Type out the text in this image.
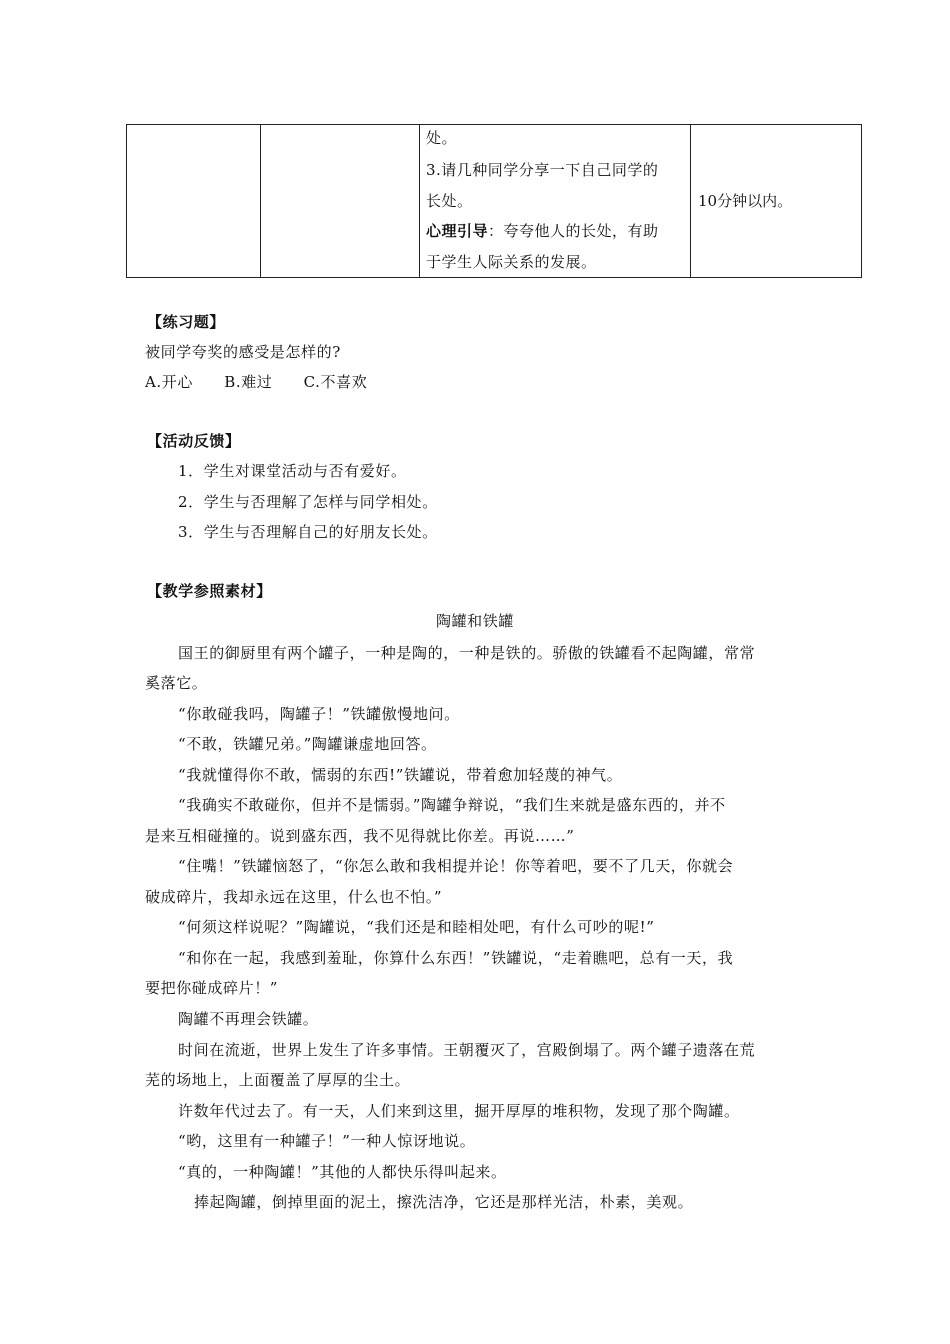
处。
3.请几种同学分享一下自己同学的
长处。
心理引导：夸夸他人的长处，有助
于学生人际关系的发展。
10分钟以内。
【练习题】
被同学夸奖的感受是怎样的?
A.开心　　B.难过　　C.不喜欢
【活动反馈】
1．学生对课堂活动与否有爱好。
2．学生与否理解了怎样与同学相处。
3．学生与否理解自己的好朋友长处。
【教学参照素材】
陶罐和铁罐
国王的御厨里有两个罐子，一种是陶的，一种是铁的。骄傲的铁罐看不起陶罐，常常
奚落它。
“你敢碰我吗，陶罐子！”铁罐傲慢地问。
“不敢，铁罐兄弟。”陶罐谦虚地回答。
“我就懂得你不敢，懦弱的东西!”铁罐说，带着愈加轻蔑的神气。
“我确实不敢碰你，但并不是懦弱。”陶罐争辩说，“我们生来就是盛东西的，并不
是来互相碰撞的。说到盛东西，我不见得就比你差。再说……”
“住嘴！”铁罐恼怒了，“你怎么敢和我相提并论！你等着吧，要不了几天，你就会
破成碎片，我却永远在这里，什么也不怕。”
“何须这样说呢？”陶罐说，“我们还是和睦相处吧，有什么可吵的呢!”
“和你在一起，我感到羞耻，你算什么东西！”铁罐说，“走着瞧吧，总有一天，我
要把你碰成碎片！”
陶罐不再理会铁罐。
时间在流逝，世界上发生了许多事情。王朝覆灭了，宫殿倒塌了。两个罐子遗落在荒
芜的场地上，上面覆盖了厚厚的尘土。
许数年代过去了。有一天，人们来到这里，掘开厚厚的堆积物，发现了那个陶罐。
“哟，这里有一种罐子！”一种人惊讶地说。
“真的，一种陶罐！”其他的人都快乐得叫起来。
捧起陶罐，倒掉里面的泥土，擦洗洁净，它还是那样光洁，朴素，美观。
